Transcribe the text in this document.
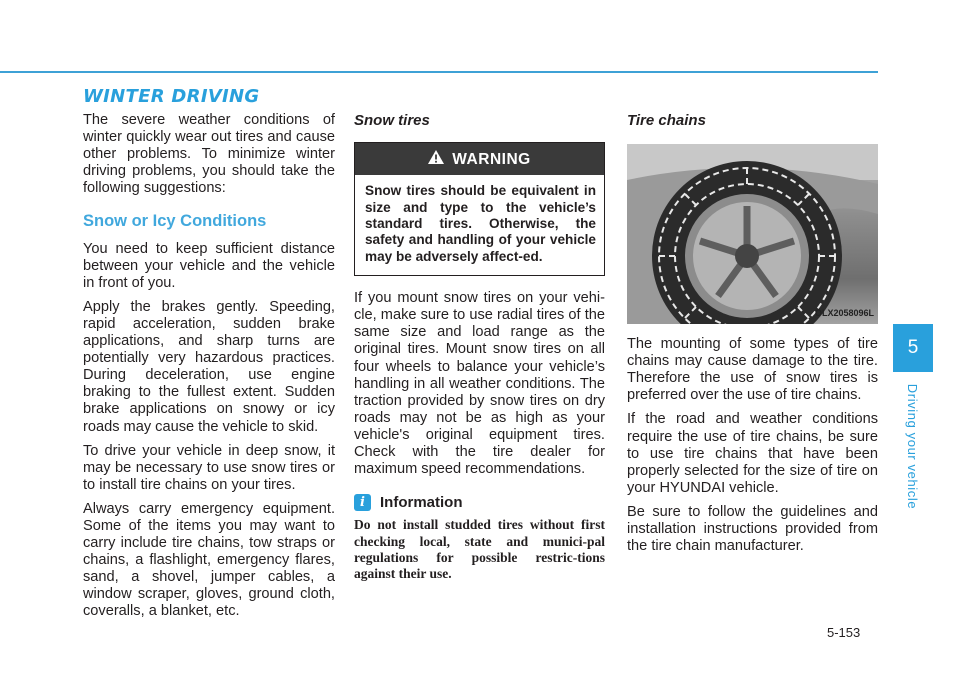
WINTER DRIVING

The severe weather conditions of winter quickly wear out tires and cause other problems. To minimize winter driving problems, you should take the following suggestions:

Snow or Icy Conditions

You need to keep sufficient distance between your vehicle and the vehicle in front of you.

Apply the brakes gently. Speeding, rapid acceleration, sudden brake applications, and sharp turns are potentially very hazardous practices. During deceleration, use engine braking to the fullest extent. Sudden brake applications on snowy or icy roads may cause the vehicle to skid.

To drive your vehicle in deep snow, it may be necessary to use snow tires or to install tire chains on your tires.

Always carry emergency equipment. Some of the items you may want to carry include tire chains, tow straps or chains, a flashlight, emergency flares, sand, a shovel, jumper cables, a window scraper, gloves, ground cloth, coveralls, a blanket, etc.

Snow tires
WARNING
Snow tires should be equivalent in size and type to the vehicle’s standard tires. Otherwise, the safety and handling of your vehicle may be adversely affect-ed.

If you mount snow tires on your vehi-cle, make sure to use radial tires of the same size and load range as the original tires. Mount snow tires on all four wheels to balance your vehicle’s handling in all weather conditions. The traction provided by snow tires on dry roads may not be as high as your vehicle's original equipment tires. Check with the tire dealer for maximum speed recommendations.

i	Information

Do not install studded tires without first checking local, state and munici-pal regulations for possible restric-tions against their use.

Tire chains
OLX2058096L

The mounting of some types of tire chains may cause damage to the tire. Therefore the use of snow tires is preferred over the use of tire chains.

If the road and weather conditions require the use of tire chains, be sure to use tire chains that have been properly selected for the size of tire on your HYUNDAI vehicle.

Be sure to follow the guidelines and installation instructions provided from the tire chain manufacturer.

5
Driving your vehicle
5-153
